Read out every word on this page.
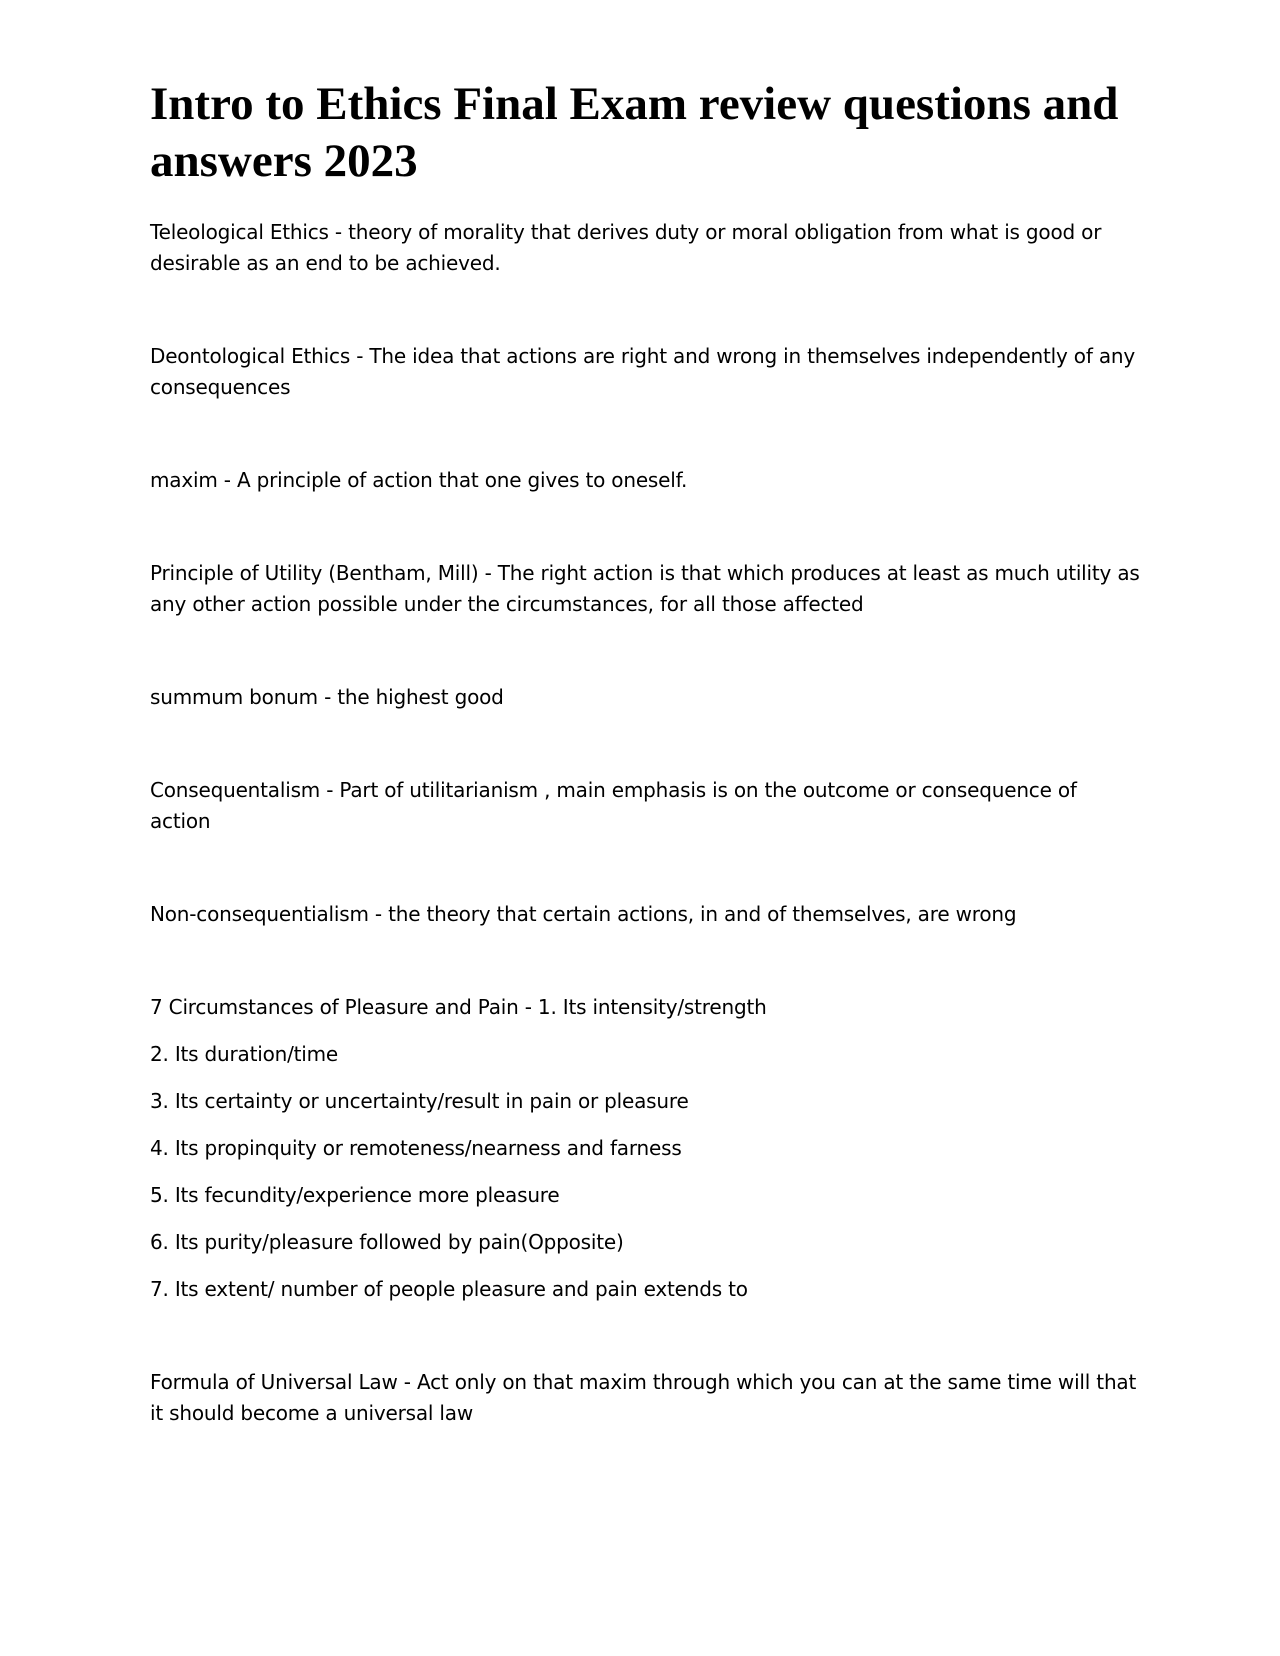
Intro to Ethics Final Exam review questions and answers 2023

Teleological Ethics - theory of morality that derives duty or moral obligation from what is good or desirable as an end to be achieved.

Deontological Ethics - The idea that actions are right and wrong in themselves independently of any consequences

maxim - A principle of action that one gives to oneself.

Principle of Utility (Bentham, Mill) - The right action is that which produces at least as much utility as any other action possible under the circumstances, for all those affected

summum bonum - the highest good

Consequentalism - Part of utilitarianism , main emphasis is on the outcome or consequence of action

Non-consequentialism - the theory that certain actions, in and of themselves, are wrong

7 Circumstances of Pleasure and Pain - 1. Its intensity/strength

2. Its duration/time

3. Its certainty or uncertainty/result in pain or pleasure

4. Its propinquity or remoteness/nearness and farness

5. Its fecundity/experience more pleasure

6. Its purity/pleasure followed by pain(Opposite)

7. Its extent/ number of people pleasure and pain extends to

Formula of Universal Law - Act only on that maxim through which you can at the same time will that it should become a universal law
